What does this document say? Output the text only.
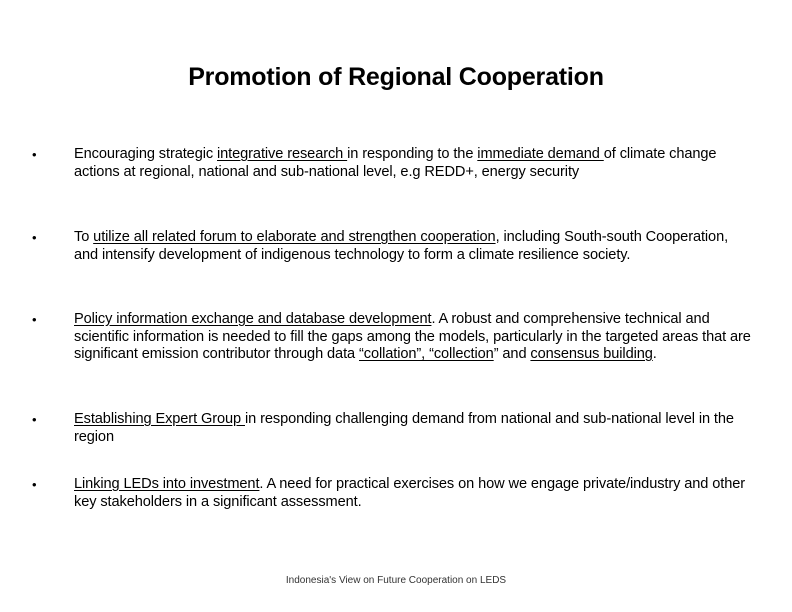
Promotion of Regional Cooperation
•	Encouraging strategic integrative research in responding to the immediate demand of climate change actions at regional, national and sub-national level, e.g REDD+, energy security
•	To utilize all related forum to elaborate and strengthen cooperation, including South-south Cooperation, and intensify development of indigenous technology to form a climate resilience society.
•	Policy information exchange and database development. A robust and comprehensive technical and scientific information is needed to fill the gaps among the models, particularly in the targeted areas that are significant emission contributor through data “collation”, “collection” and consensus building.
•	Establishing Expert Group in responding challenging demand from national and sub-national level in the region
•	Linking LEDs into investment. A need for practical exercises on how we engage private/industry and other key stakeholders in a significant assessment.
Indonesia's View on Future Cooperation on LEDS
